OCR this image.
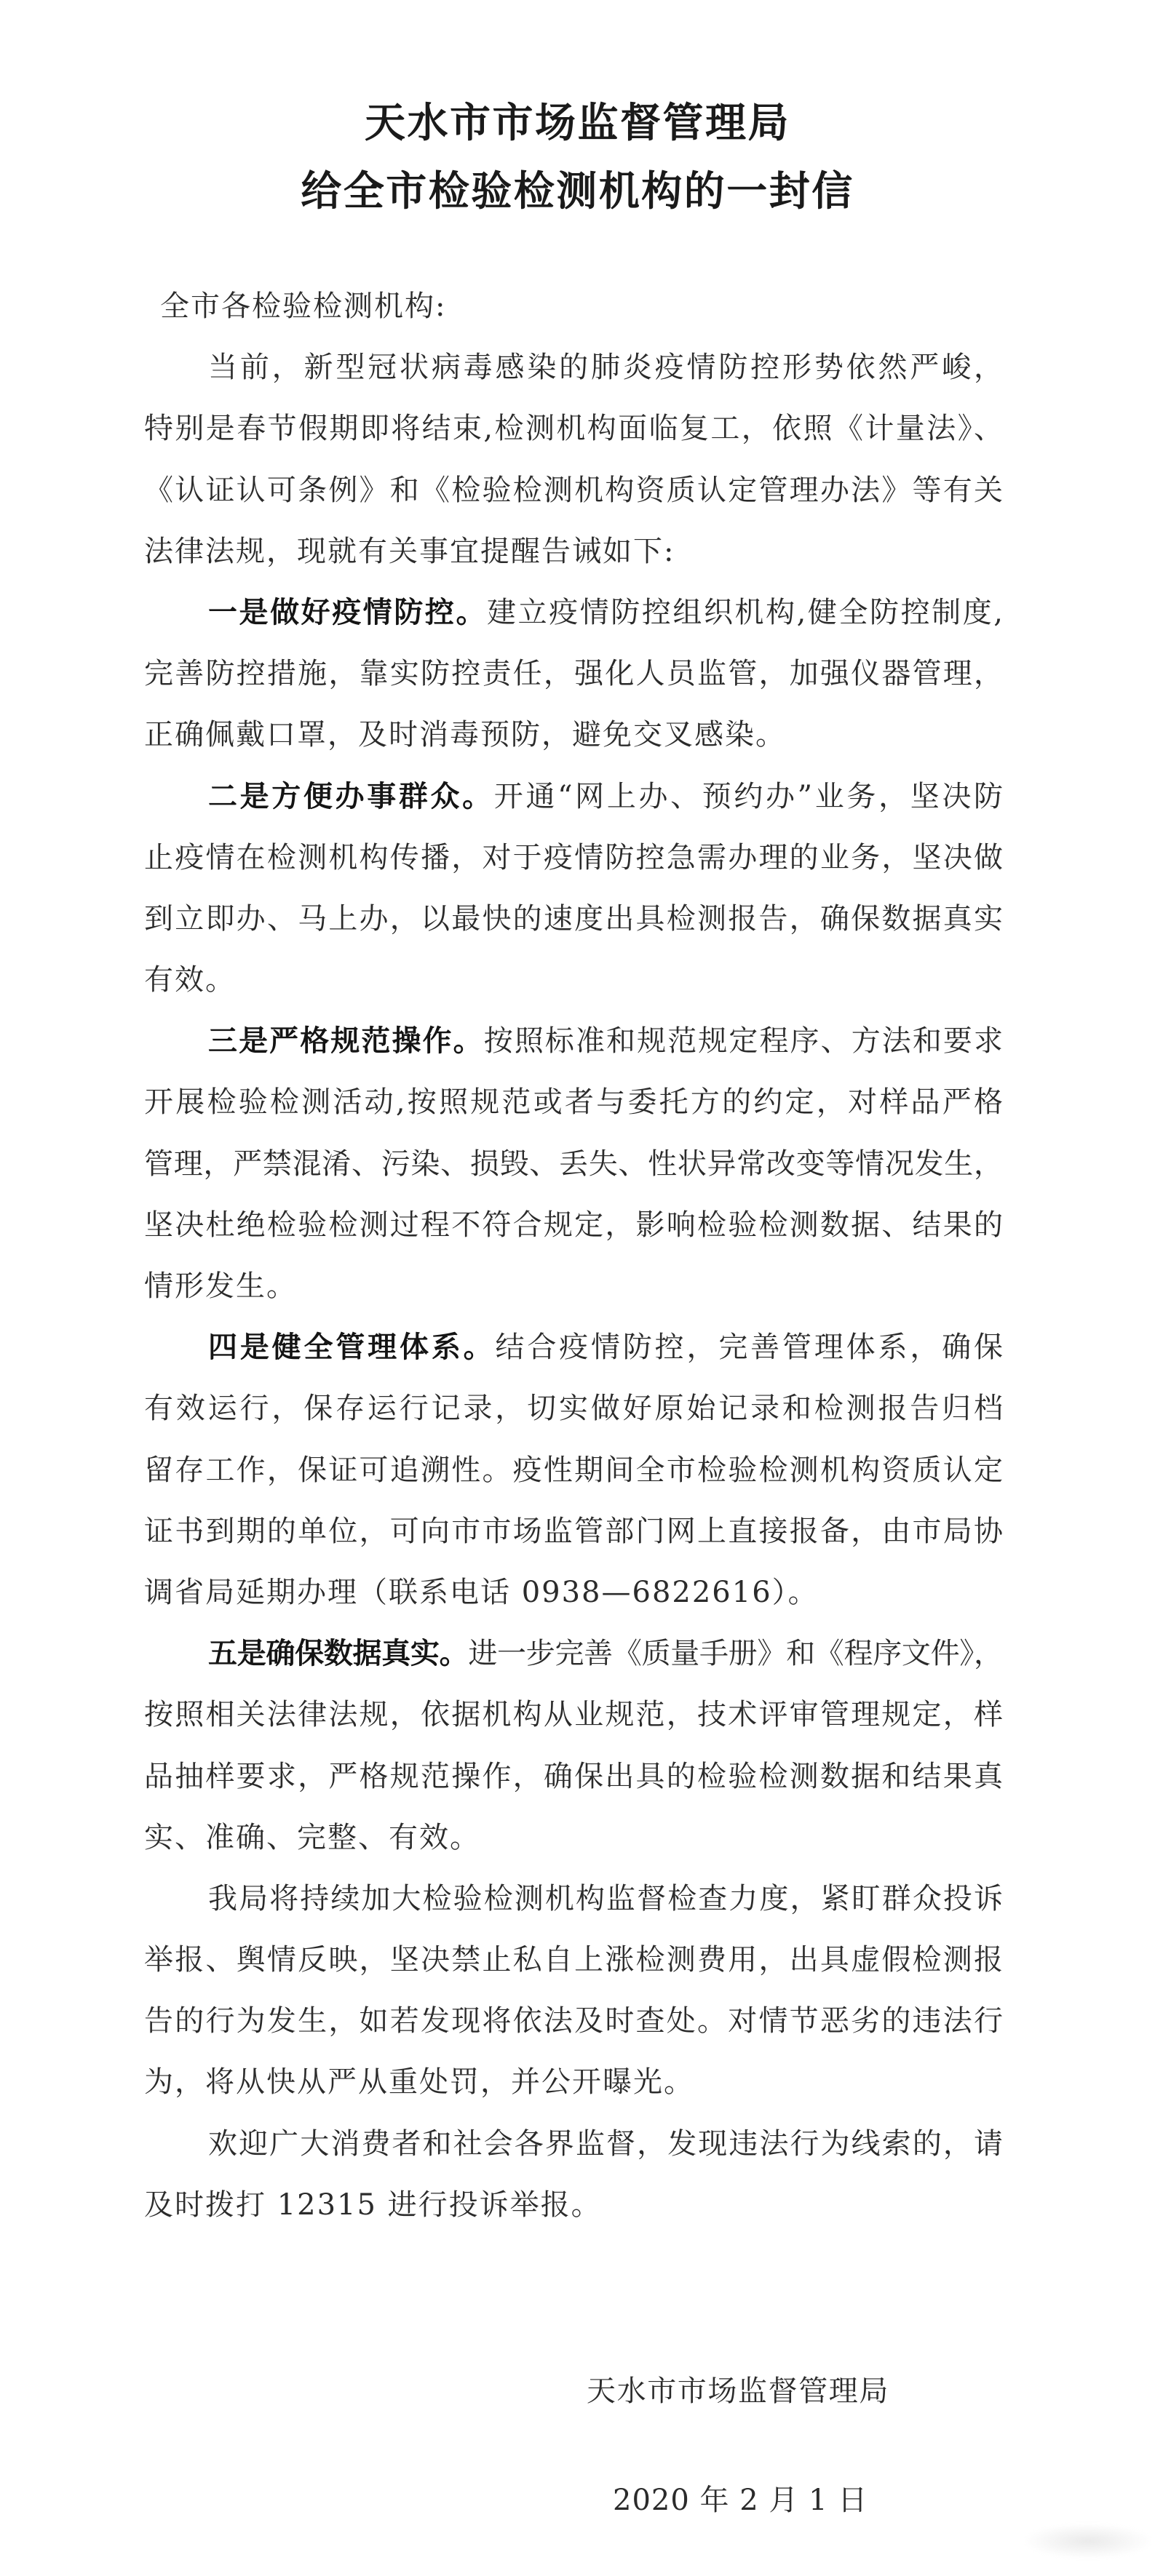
天水市市场监督管理局
给全市检验检测机构的一封信
全市各检验检测机构:
当前，新型冠状病毒感染的肺炎疫情防控形势依然严峻，
特别是春节假期即将结束,检测机构面临复工，依照《计量法》、
《认证认可条例》和《检验检测机构资质认定管理办法》等有关
法律法规，现就有关事宜提醒告诫如下:
一是做好疫情防控。建立疫情防控组织机构,健全防控制度,
完善防控措施，靠实防控责任，强化人员监管，加强仪器管理，
正确佩戴口罩，及时消毒预防，避免交叉感染。
二是方便办事群众。开通“网上办、预约办”业务，坚决防
止疫情在检测机构传播，对于疫情防控急需办理的业务，坚决做
到立即办、马上办，以最快的速度出具检测报告，确保数据真实
有效。
三是严格规范操作。按照标准和规范规定程序、方法和要求
开展检验检测活动,按照规范或者与委托方的约定，对样品严格
管理，严禁混淆、污染、损毁、丢失、性状异常改变等情况发生，
坚决杜绝检验检测过程不符合规定，影响检验检测数据、结果的
情形发生。
四是健全管理体系。结合疫情防控，完善管理体系，确保
有效运行，保存运行记录，切实做好原始记录和检测报告归档
留存工作，保证可追溯性。疫性期间全市检验检测机构资质认定
证书到期的单位，可向市市场监管部门网上直接报备，由市局协
调省局延期办理（联系电话 0938—6822616）。
五是确保数据真实。进一步完善《质量手册》和《程序文件》，
按照相关法律法规，依据机构从业规范，技术评审管理规定，样
品抽样要求，严格规范操作，确保出具的检验检测数据和结果真
实、准确、完整、有效。
我局将持续加大检验检测机构监督检查力度，紧盯群众投诉
举报、舆情反映，坚决禁止私自上涨检测费用，出具虚假检测报
告的行为发生，如若发现将依法及时查处。对情节恶劣的违法行
为，将从快从严从重处罚，并公开曝光。
欢迎广大消费者和社会各界监督，发现违法行为线索的，请
及时拨打 12315 进行投诉举报。
天水市市场监督管理局
2020 年 2 月 1 日
